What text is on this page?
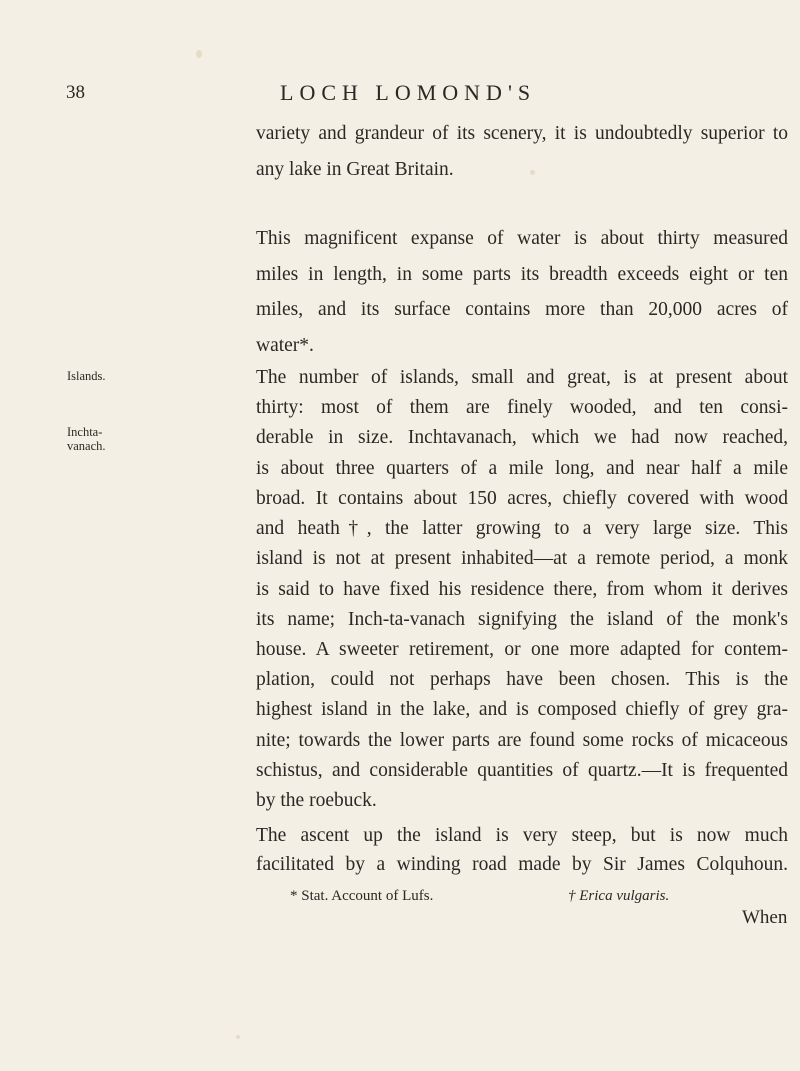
38	LOCH LOMOND'S
Islands.
Inchta-
vanach.
variety and grandeur of its scenery, it is undoubtedly superior to
any lake in Great Britain.
This magnificent expanse of water is about thirty measured
miles in length, in some parts its breadth exceeds eight or ten
miles, and its surface contains more than 20,000 acres of
water*.
The number of islands, small and great, is at present about
thirty: most of them are finely wooded, and ten consi-
derable in size. Inchtavanach, which we had now reached,
is about three quarters of a mile long, and near half a mile
broad. It contains about 150 acres, chiefly covered with wood
and heath†, the latter growing to a very large size. This
island is not at present inhabited—at a remote period, a monk
is said to have fixed his residence there, from whom it derives
its name; Inch-ta-vanach signifying the island of the monk's
house. A sweeter retirement, or one more adapted for contem-
plation, could not perhaps have been chosen. This is the
highest island in the lake, and is composed chiefly of grey gra-
nite; towards the lower parts are found some rocks of micaceous
schistus, and considerable quantities of quartz.—It is frequented
by the roebuck.
The ascent up the island is very steep, but is now much
facilitated by a winding road made by Sir James Colquhoun.
* Stat. Account of Lufs.	† Erica vulgaris.
When
